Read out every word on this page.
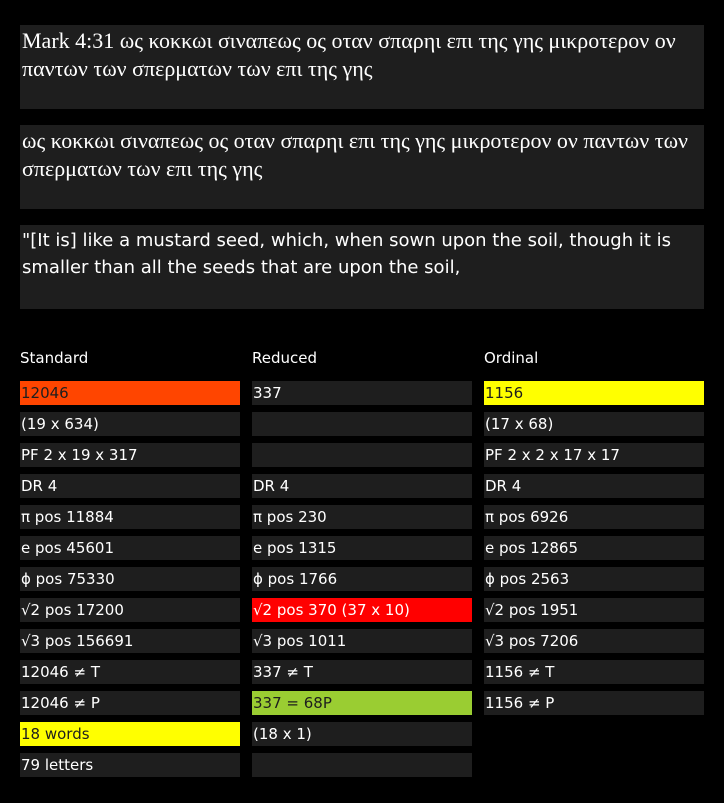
Mark 4:31 ως κοκκωι σιναπεως ος οταν σπαρηι επι της γης μικροτερον ον παντων των σπερματων των επι της γης
ως κοκκωι σιναπεως ος οταν σπαρηι επι της γης μικροτερον ον παντων των σπερματων των επι της γης
"[It is] like a mustard seed, which, when sown upon the soil, though it is smaller than all the seeds that are upon the soil,
Standard
12046
(19 x 634)
PF 2 x 19 x 317
DR 4
π pos 11884
e pos 45601
ϕ pos 75330
√2 pos 17200
√3 pos 156691
12046 ≠ T
12046 ≠ P
18 words
79 letters
Reduced
337
DR 4
π pos 230
e pos 1315
ϕ pos 1766
√2 pos 370 (37 x 10)
√3 pos 1011
337 ≠ T
337 = 68P
(18 x 1)
Ordinal
1156
(17 x 68)
PF 2 x 2 x 17 x 17
DR 4
π pos 6926
e pos 12865
ϕ pos 2563
√2 pos 1951
√3 pos 7206
1156 ≠ T
1156 ≠ P
